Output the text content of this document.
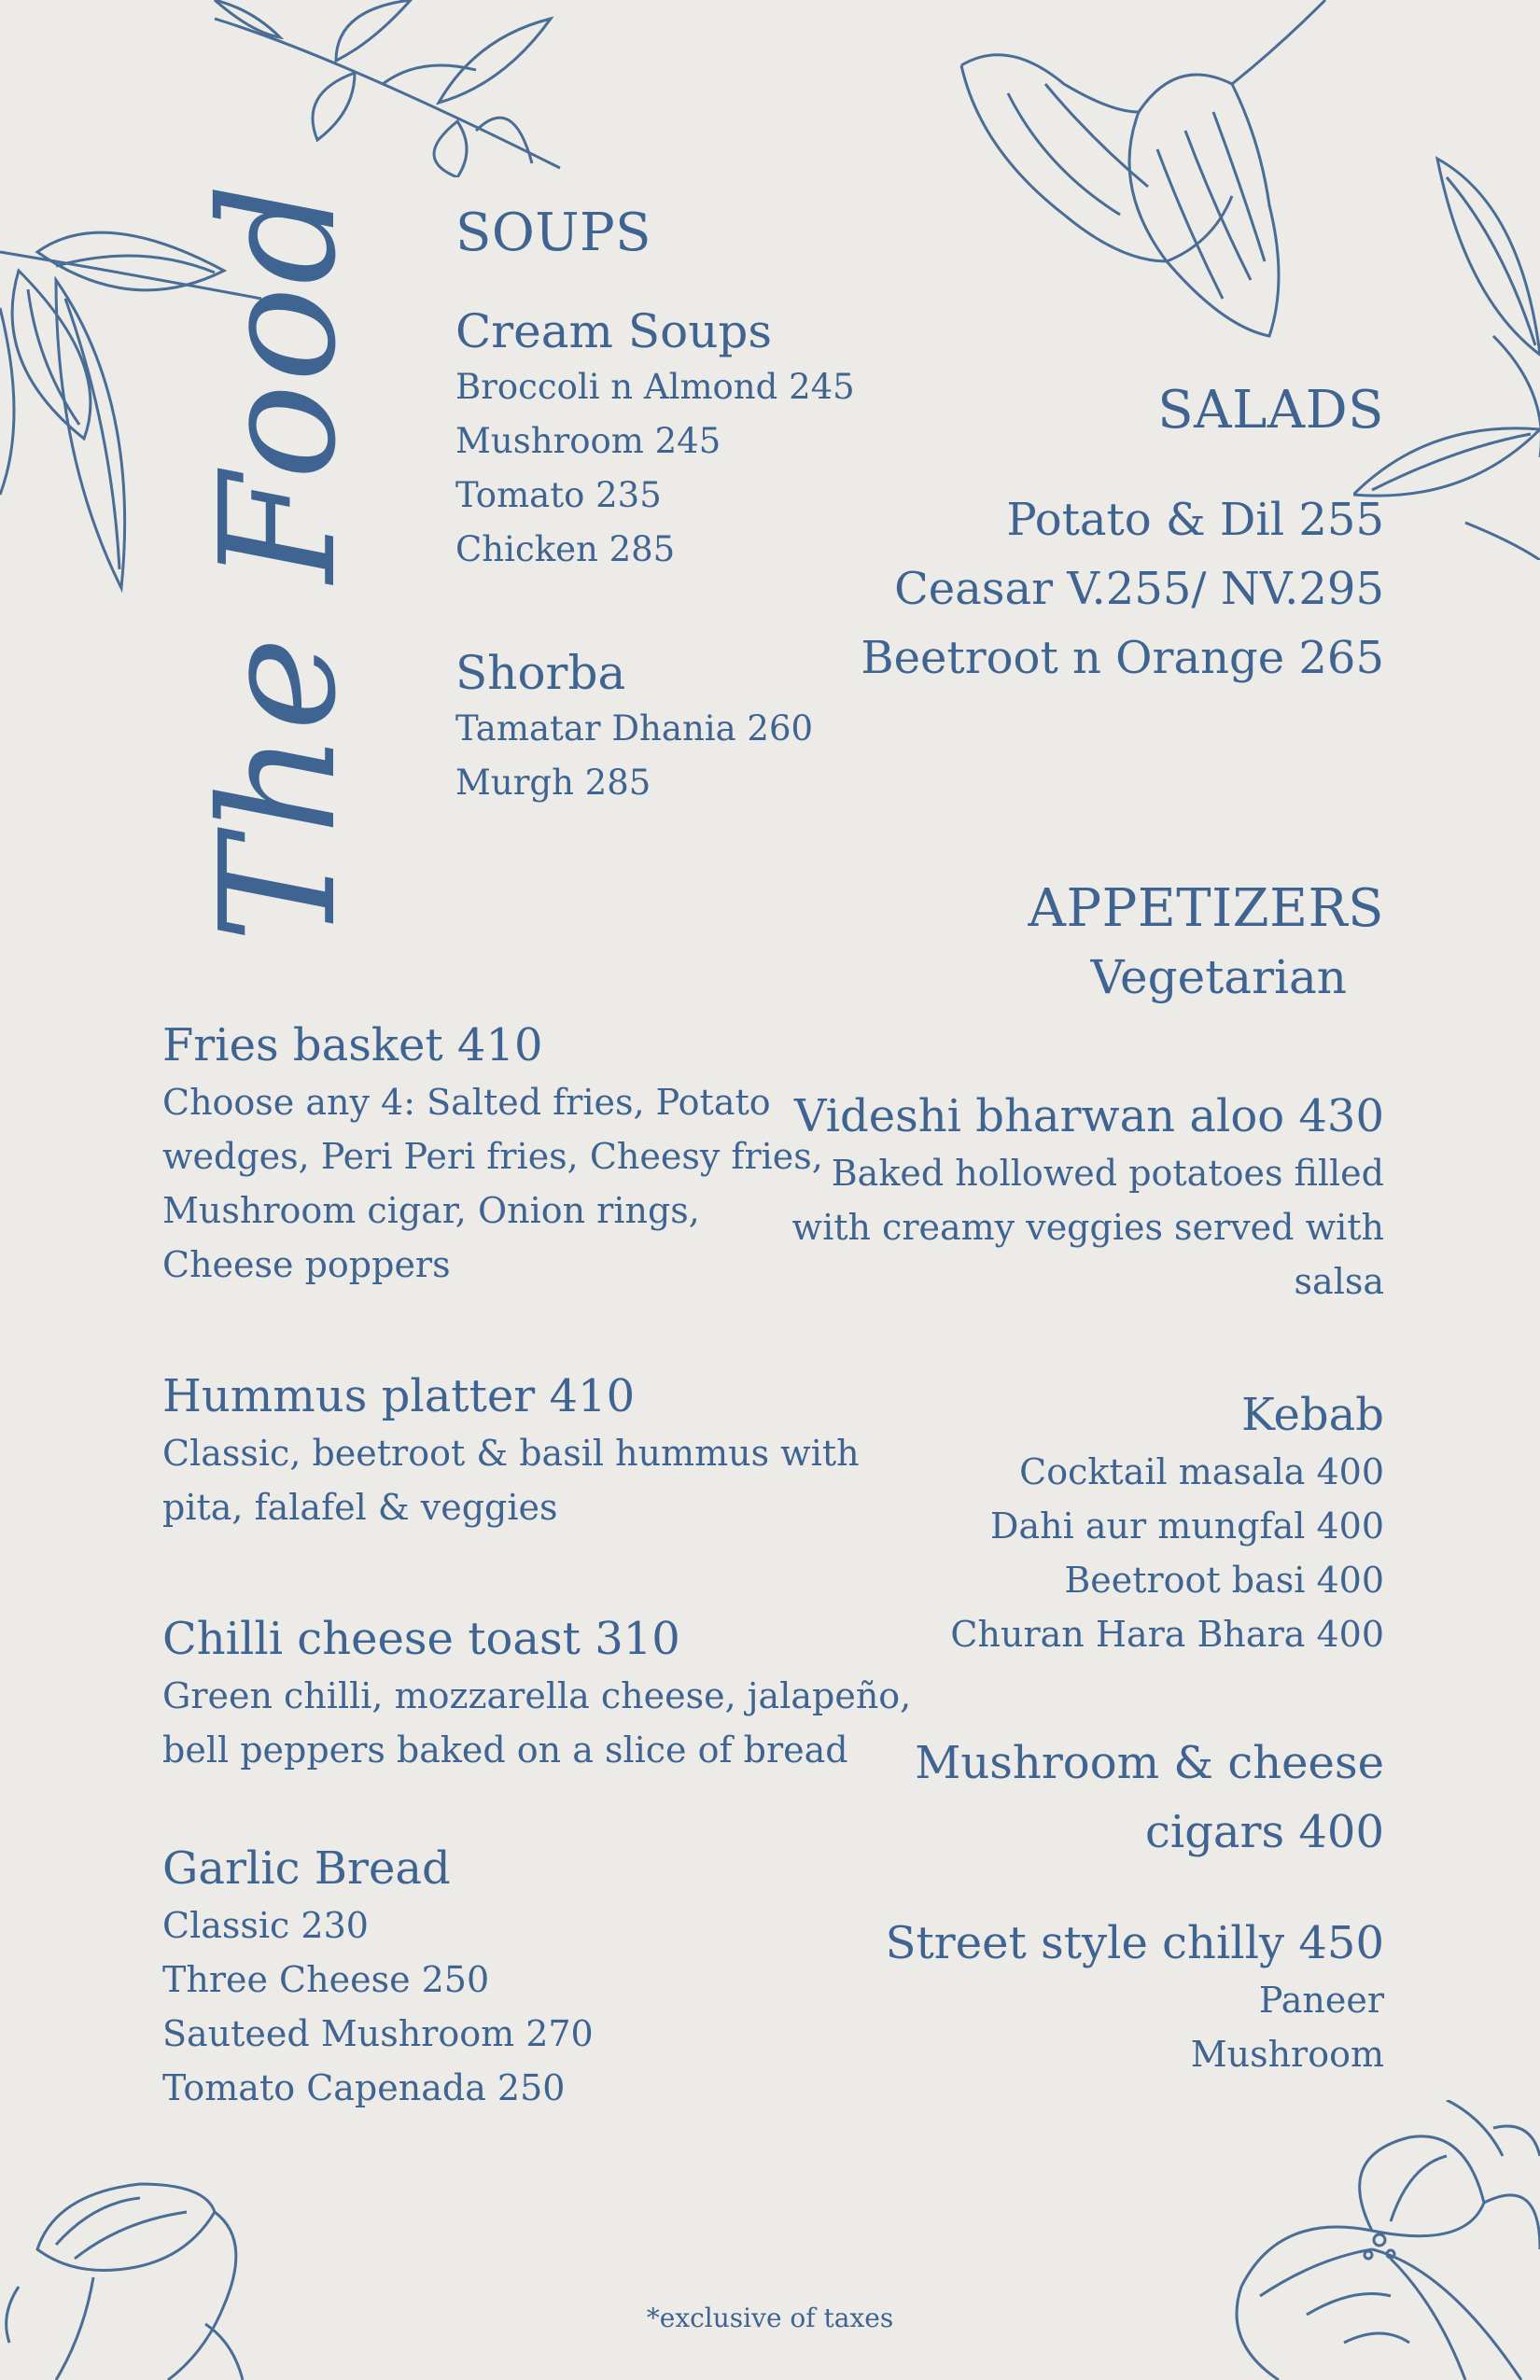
The Food SOUPS
Cream Soups
Broccoli n Almond 245
Mushroom 245
Tomato 235
Chicken 285
Shorba
Tamatar Dhania 260
Murgh 285
SALADS
Potato & Dil 255
Ceasar V.255/ NV.295
Beetroot n Orange 265
APPETIZERS
Vegetarian
Fries basket 410
Choose any 4: Salted fries, Potato
wedges, Peri Peri fries, Cheesy fries,
Mushroom cigar, Onion rings,
Cheese poppers
Hummus platter 410
Classic, beetroot & basil hummus with
pita, falafel & veggies
Chilli cheese toast 310
Green chilli, mozzarella cheese, jalapeño,
bell peppers baked on a slice of bread
Garlic Bread
Classic 230
Three Cheese 250
Sauteed Mushroom 270
Tomato Capenada 250
Videshi bharwan aloo 430
Baked hollowed potatoes filled
with creamy veggies served with
salsa
Kebab
Cocktail masala 400
Dahi aur mungfal 400
Beetroot basi 400
Churan Hara Bhara 400
Mushroom & cheese
cigars 400
Street style chilly 450
Paneer
Mushroom
*exclusive of taxes
